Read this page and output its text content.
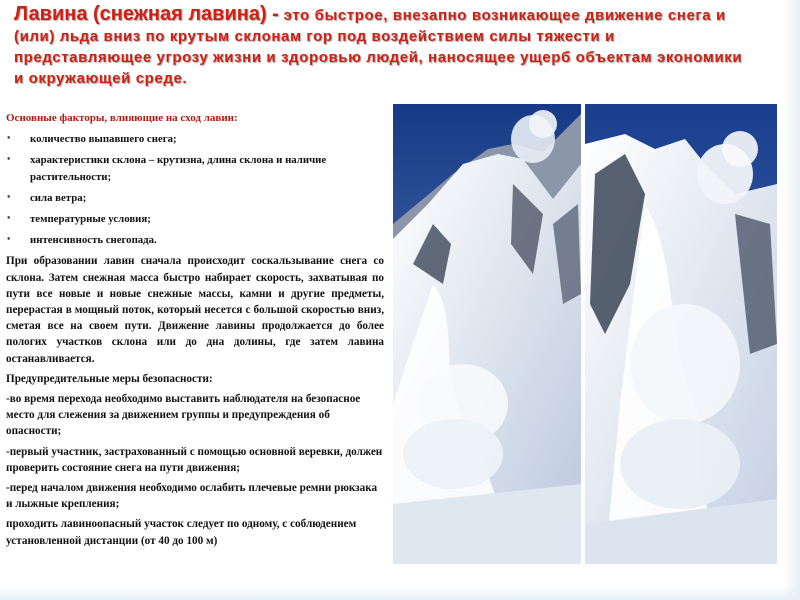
Лавина (снежная лавина) - это быстрое, внезапно возникающее движение снега и (или) льда вниз по крутым склонам гор под воздействием силы тяжести и представляющее угрозу жизни и здоровью людей, наносящее ущерб объектам экономики и окружающей среде.

Основные факторы, влияющие на сход лавин:

• количество выпавшего снега;
• характеристики склона – крутизна, длина склона и наличие растительности;
• сила ветра;
• температурные условия;
• интенсивность снегопада.

При образовании лавин сначала происходит соскальзывание снега со склона. Затем снежная масса быстро набирает скорость, захватывая по пути все новые и новые снежные массы, камни и другие предметы, перерастая в мощный поток, который несется с большой скоростью вниз, сметая все на своем пути. Движение лавины продолжается до более пологих участков склона или до дна долины, где затем лавина останавливается.

Предупредительные меры безопасности:

-во время перехода необходимо выставить наблюдателя на безопасное место для слежения за движением группы и предупреждения об опасности;

-первый участник, застрахованный с помощью основной веревки, должен проверить состояние снега на пути движения;

-перед началом движения необходимо ослабить плечевые ремни рюкзака и лыжные крепления;

проходить лавиноопасный участок следует по одному, с соблюдением установленной дистанции (от 40 до 100 м)
